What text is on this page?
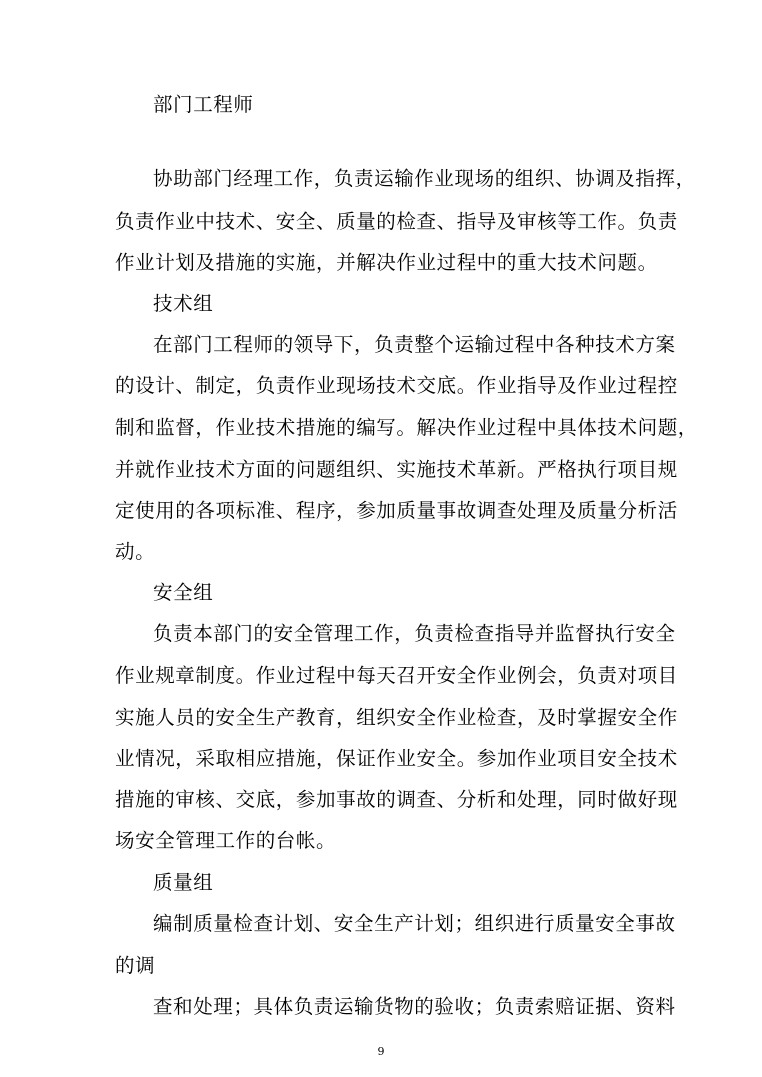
部门工程师
协助部门经理工作，负责运输作业现场的组织、协调及指挥，
负责作业中技术、安全、质量的检查、指导及审核等工作。负责
作业计划及措施的实施，并解决作业过程中的重大技术问题。
技术组
在部门工程师的领导下，负责整个运输过程中各种技术方案
的设计、制定，负责作业现场技术交底。作业指导及作业过程控
制和监督，作业技术措施的编写。解决作业过程中具体技术问题，
并就作业技术方面的问题组织、实施技术革新。严格执行项目规
定使用的各项标准、程序，参加质量事故调查处理及质量分析活
动。
安全组
负责本部门的安全管理工作，负责检查指导并监督执行安全
作业规章制度。作业过程中每天召开安全作业例会，负责对项目
实施人员的安全生产教育，组织安全作业检查，及时掌握安全作
业情况，采取相应措施，保证作业安全。参加作业项目安全技术
措施的审核、交底，参加事故的调查、分析和处理，同时做好现
场安全管理工作的台帐。
质量组
编制质量检查计划、安全生产计划；组织进行质量安全事故
的调
查和处理；具体负责运输货物的验收；负责索赔证据、资料
9
